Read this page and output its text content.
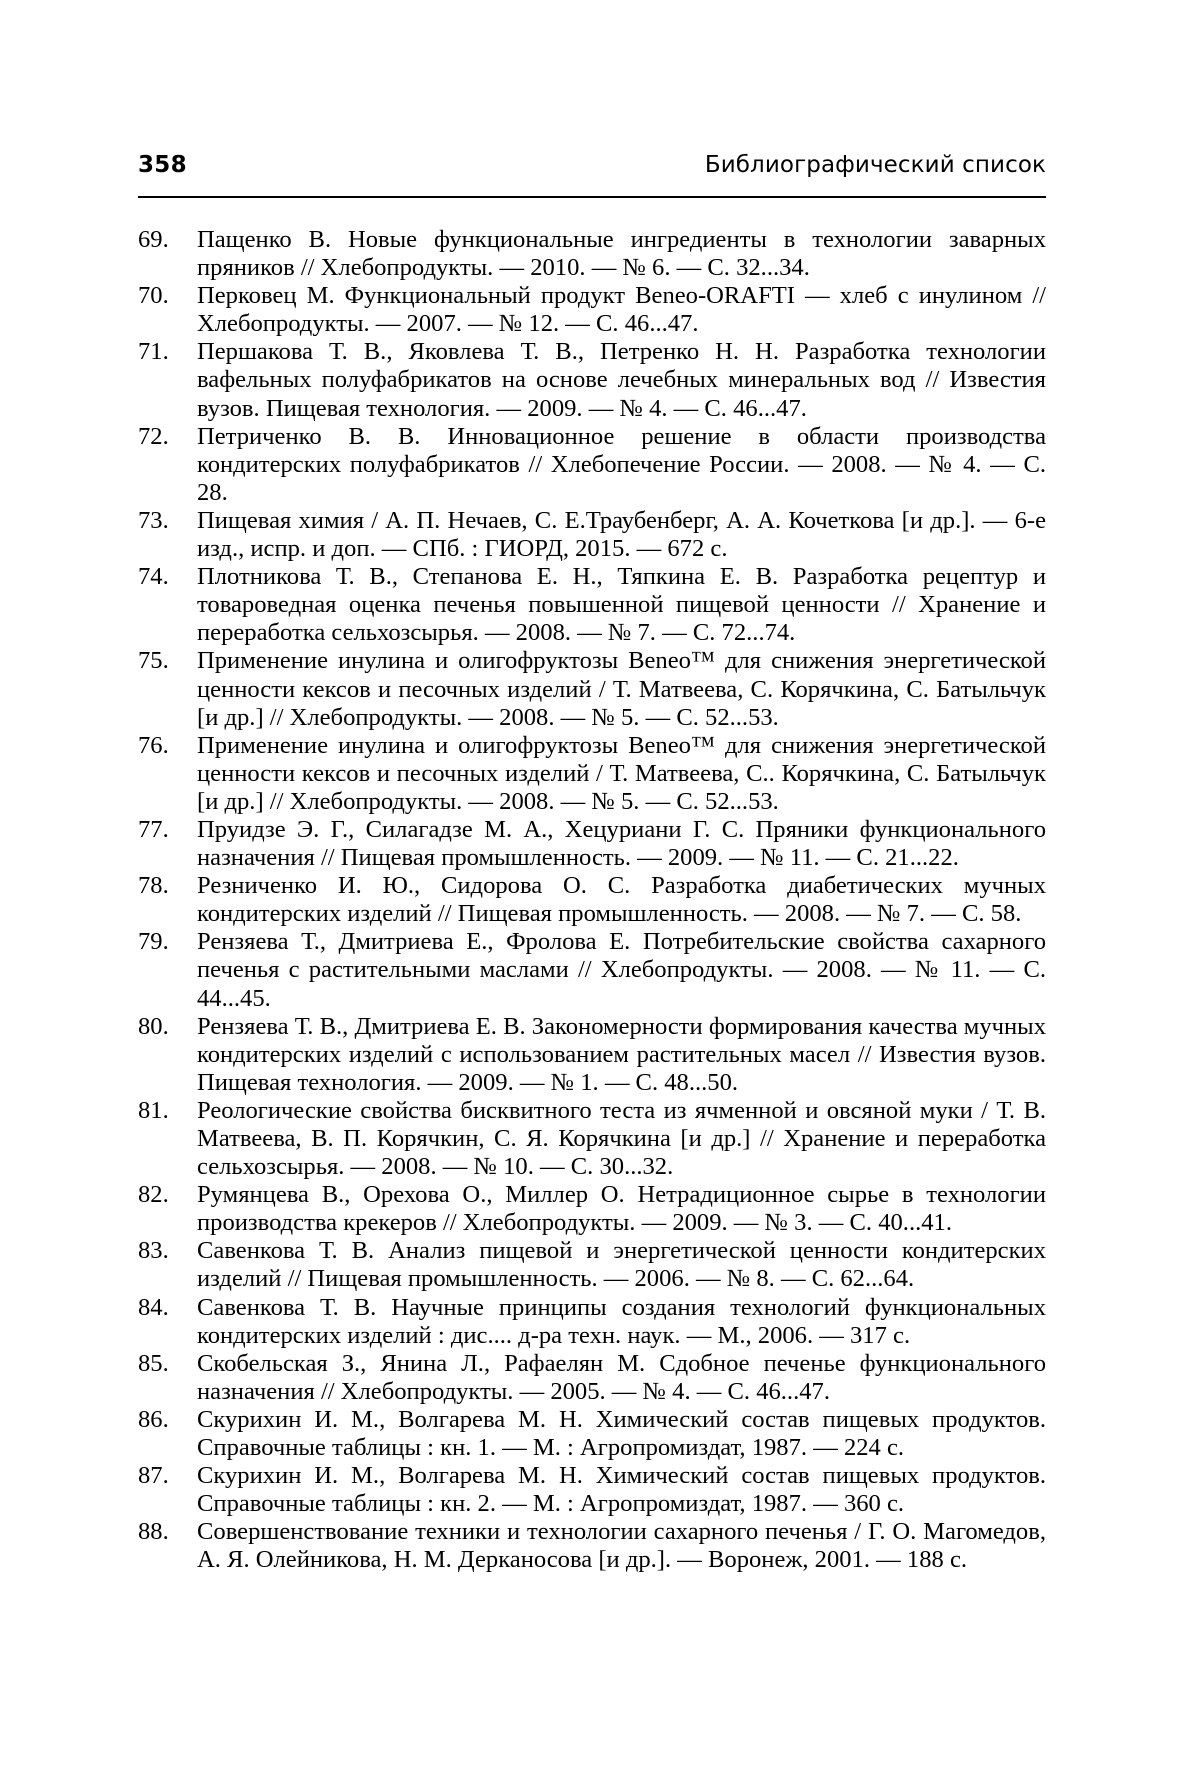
358	Библиографический список
69.	Пащенко В. Новые функциональные ингредиенты в технологии заварных пряников // Хлебопродукты. — 2010. — № 6. — С. 32...34.
70.	Перковец М. Функциональный продукт Beneo-ORAFTI — хлеб с инулином // Хлебопродукты. — 2007. — № 12. — С. 46...47.
71.	Першакова Т. В., Яковлева Т. В., Петренко Н. Н. Разработка технологии вафельных полуфабрикатов на основе лечебных минеральных вод // Известия вузов. Пищевая технология. — 2009. — № 4. — С. 46...47.
72.	Петриченко В. В. Инновационное решение в области производства кондитерских полуфабрикатов // Хлебопечение России. — 2008. — № 4. — С. 28.
73.	Пищевая химия / А. П. Нечаев, С. Е.Траубенберг, А. А. Кочеткова [и др.]. — 6-е изд., испр. и доп. — СПб. : ГИОРД, 2015. — 672 с.
74.	Плотникова Т. В., Степанова Е. Н., Тяпкина Е. В. Разработка рецептур и товароведная оценка печенья повышенной пищевой ценности // Хранение и переработка сельхозсырья. — 2008. — № 7. — С. 72...74.
75.	Применение инулина и олигофруктозы Beneo™ для снижения энергетической ценности кексов и песочных изделий / Т. Матвеева, С. Корячкина, С. Батыльчук [и др.] // Хлебопродукты. — 2008. — № 5. — С. 52...53.
76.	Применение инулина и олигофруктозы Beneo™ для снижения энергетической ценности кексов и песочных изделий / Т. Матвеева, С.. Корячкина, С. Батыльчук [и др.] // Хлебопродукты. — 2008. — № 5. — С. 52...53.
77.	Пруидзе Э. Г., Силагадзе М. А., Хецуриани Г. С. Пряники функционального назначения // Пищевая промышленность. — 2009. — № 11. — С. 21...22.
78.	Резниченко И. Ю., Сидорова О. С. Разработка диабетических мучных кондитерских изделий // Пищевая промышленность. — 2008. — № 7. — С. 58.
79.	Рензяева Т., Дмитриева Е., Фролова Е. Потребительские свойства сахарного печенья с растительными маслами // Хлебопродукты. — 2008. — № 11. — С. 44...45.
80.	Рензяева Т. В., Дмитриева Е. В. Закономерности формирования качества мучных кондитерских изделий с использованием растительных масел // Известия вузов. Пищевая технология. — 2009. — № 1. — С. 48...50.
81.	Реологические свойства бисквитного теста из ячменной и овсяной муки / Т. В. Матвеева, В. П. Корячкин, С. Я. Корячкина [и др.] // Хранение и переработка сельхозсырья. — 2008. — № 10. — С. 30...32.
82.	Румянцева В., Орехова О., Миллер О. Нетрадиционное сырье в технологии производства крекеров // Хлебопродукты. — 2009. — № 3. — С. 40...41.
83.	Савенкова Т. В. Анализ пищевой и энергетической ценности кондитерских изделий // Пищевая промышленность. — 2006. — № 8. — С. 62...64.
84.	Савенкова Т. В. Научные принципы создания технологий функциональных кондитерских изделий : дис.... д-ра техн. наук. — М., 2006. — 317 с.
85.	Скобельская З., Янина Л., Рафаелян М. Сдобное печенье функционального назначения // Хлебопродукты. — 2005. — № 4. — С. 46...47.
86.	Скурихин И. М., Волгарева М. Н. Химический состав пищевых продуктов. Справочные таблицы : кн. 1. — М. : Агропромиздат, 1987. — 224 с.
87.	Скурихин И. М., Волгарева М. Н. Химический состав пищевых продуктов. Справочные таблицы : кн. 2. — М. : Агропромиздат, 1987. — 360 с.
88.	Совершенствование техники и технологии сахарного печенья / Г. О. Магомедов, А. Я. Олейникова, Н. М. Дерканосова [и др.]. — Воронеж, 2001. — 188 с.
